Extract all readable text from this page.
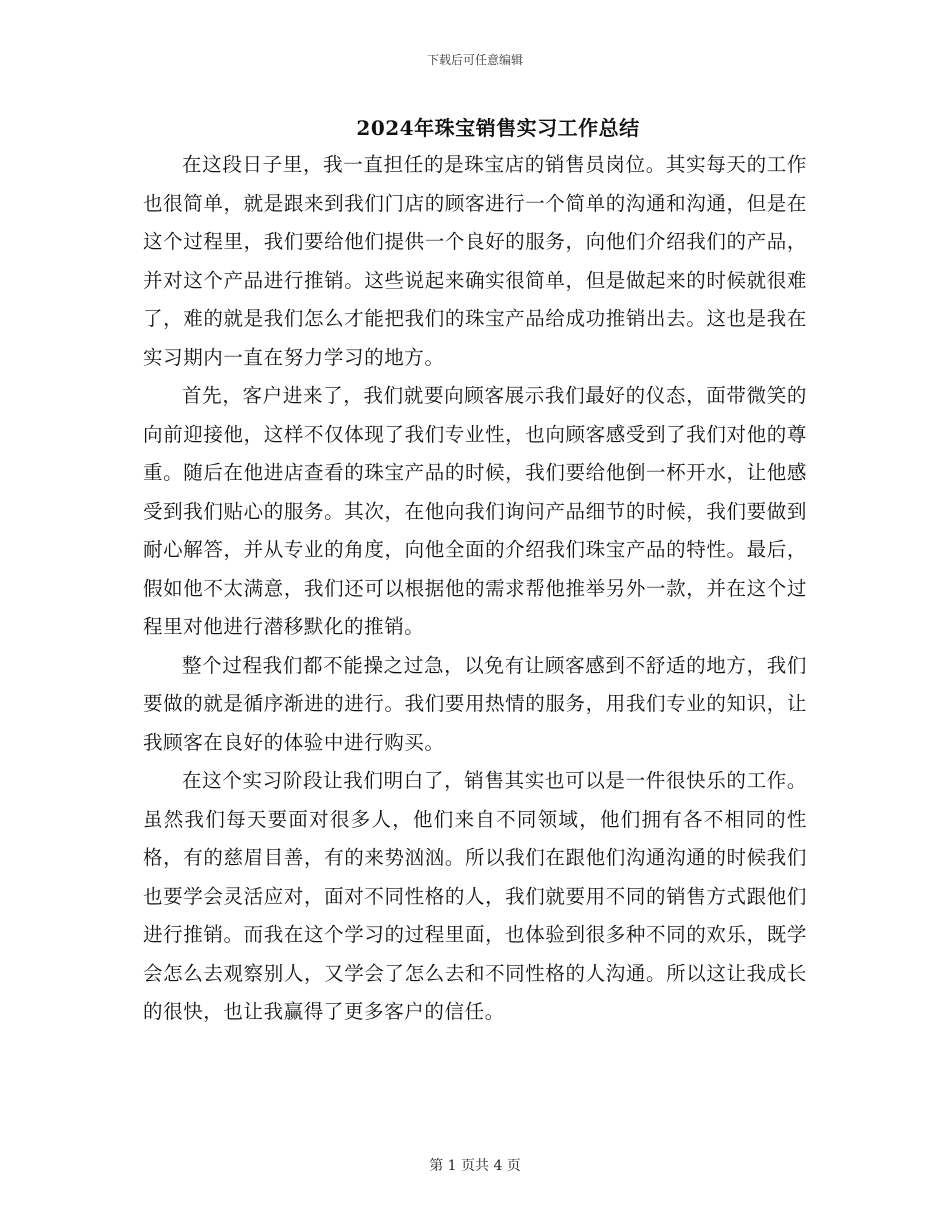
下载后可任意编辑
2024年珠宝销售实习工作总结

在这段日子里，我一直担任的是珠宝店的销售员岗位。其实每天的工作也很简单，就是跟来到我们门店的顾客进行一个简单的沟通和沟通，但是在这个过程里，我们要给他们提供一个良好的服务，向他们介绍我们的产品，并对这个产品进行推销。这些说起来确实很简单，但是做起来的时候就很难了，难的就是我们怎么才能把我们的珠宝产品给成功推销出去。这也是我在实习期内一直在努力学习的地方。

首先，客户进来了，我们就要向顾客展示我们最好的仪态，面带微笑的向前迎接他，这样不仅体现了我们专业性，也向顾客感受到了我们对他的尊重。随后在他进店查看的珠宝产品的时候，我们要给他倒一杯开水，让他感受到我们贴心的服务。其次，在他向我们询问产品细节的时候，我们要做到耐心解答，并从专业的角度，向他全面的介绍我们珠宝产品的特性。最后，假如他不太满意，我们还可以根据他的需求帮他推举另外一款，并在这个过程里对他进行潜移默化的推销。

整个过程我们都不能操之过急，以免有让顾客感到不舒适的地方，我们要做的就是循序渐进的进行。我们要用热情的服务，用我们专业的知识，让我顾客在良好的体验中进行购买。

在这个实习阶段让我们明白了，销售其实也可以是一件很快乐的工作。虽然我们每天要面对很多人，他们来自不同领域，他们拥有各不相同的性格，有的慈眉目善，有的来势汹汹。所以我们在跟他们沟通沟通的时候我们也要学会灵活应对，面对不同性格的人，我们就要用不同的销售方式跟他们进行推销。而我在这个学习的过程里面，也体验到很多种不同的欢乐，既学会怎么去观察别人，又学会了怎么去和不同性格的人沟通。所以这让我成长的很快，也让我赢得了更多客户的信任。

第 1 页共 4 页
